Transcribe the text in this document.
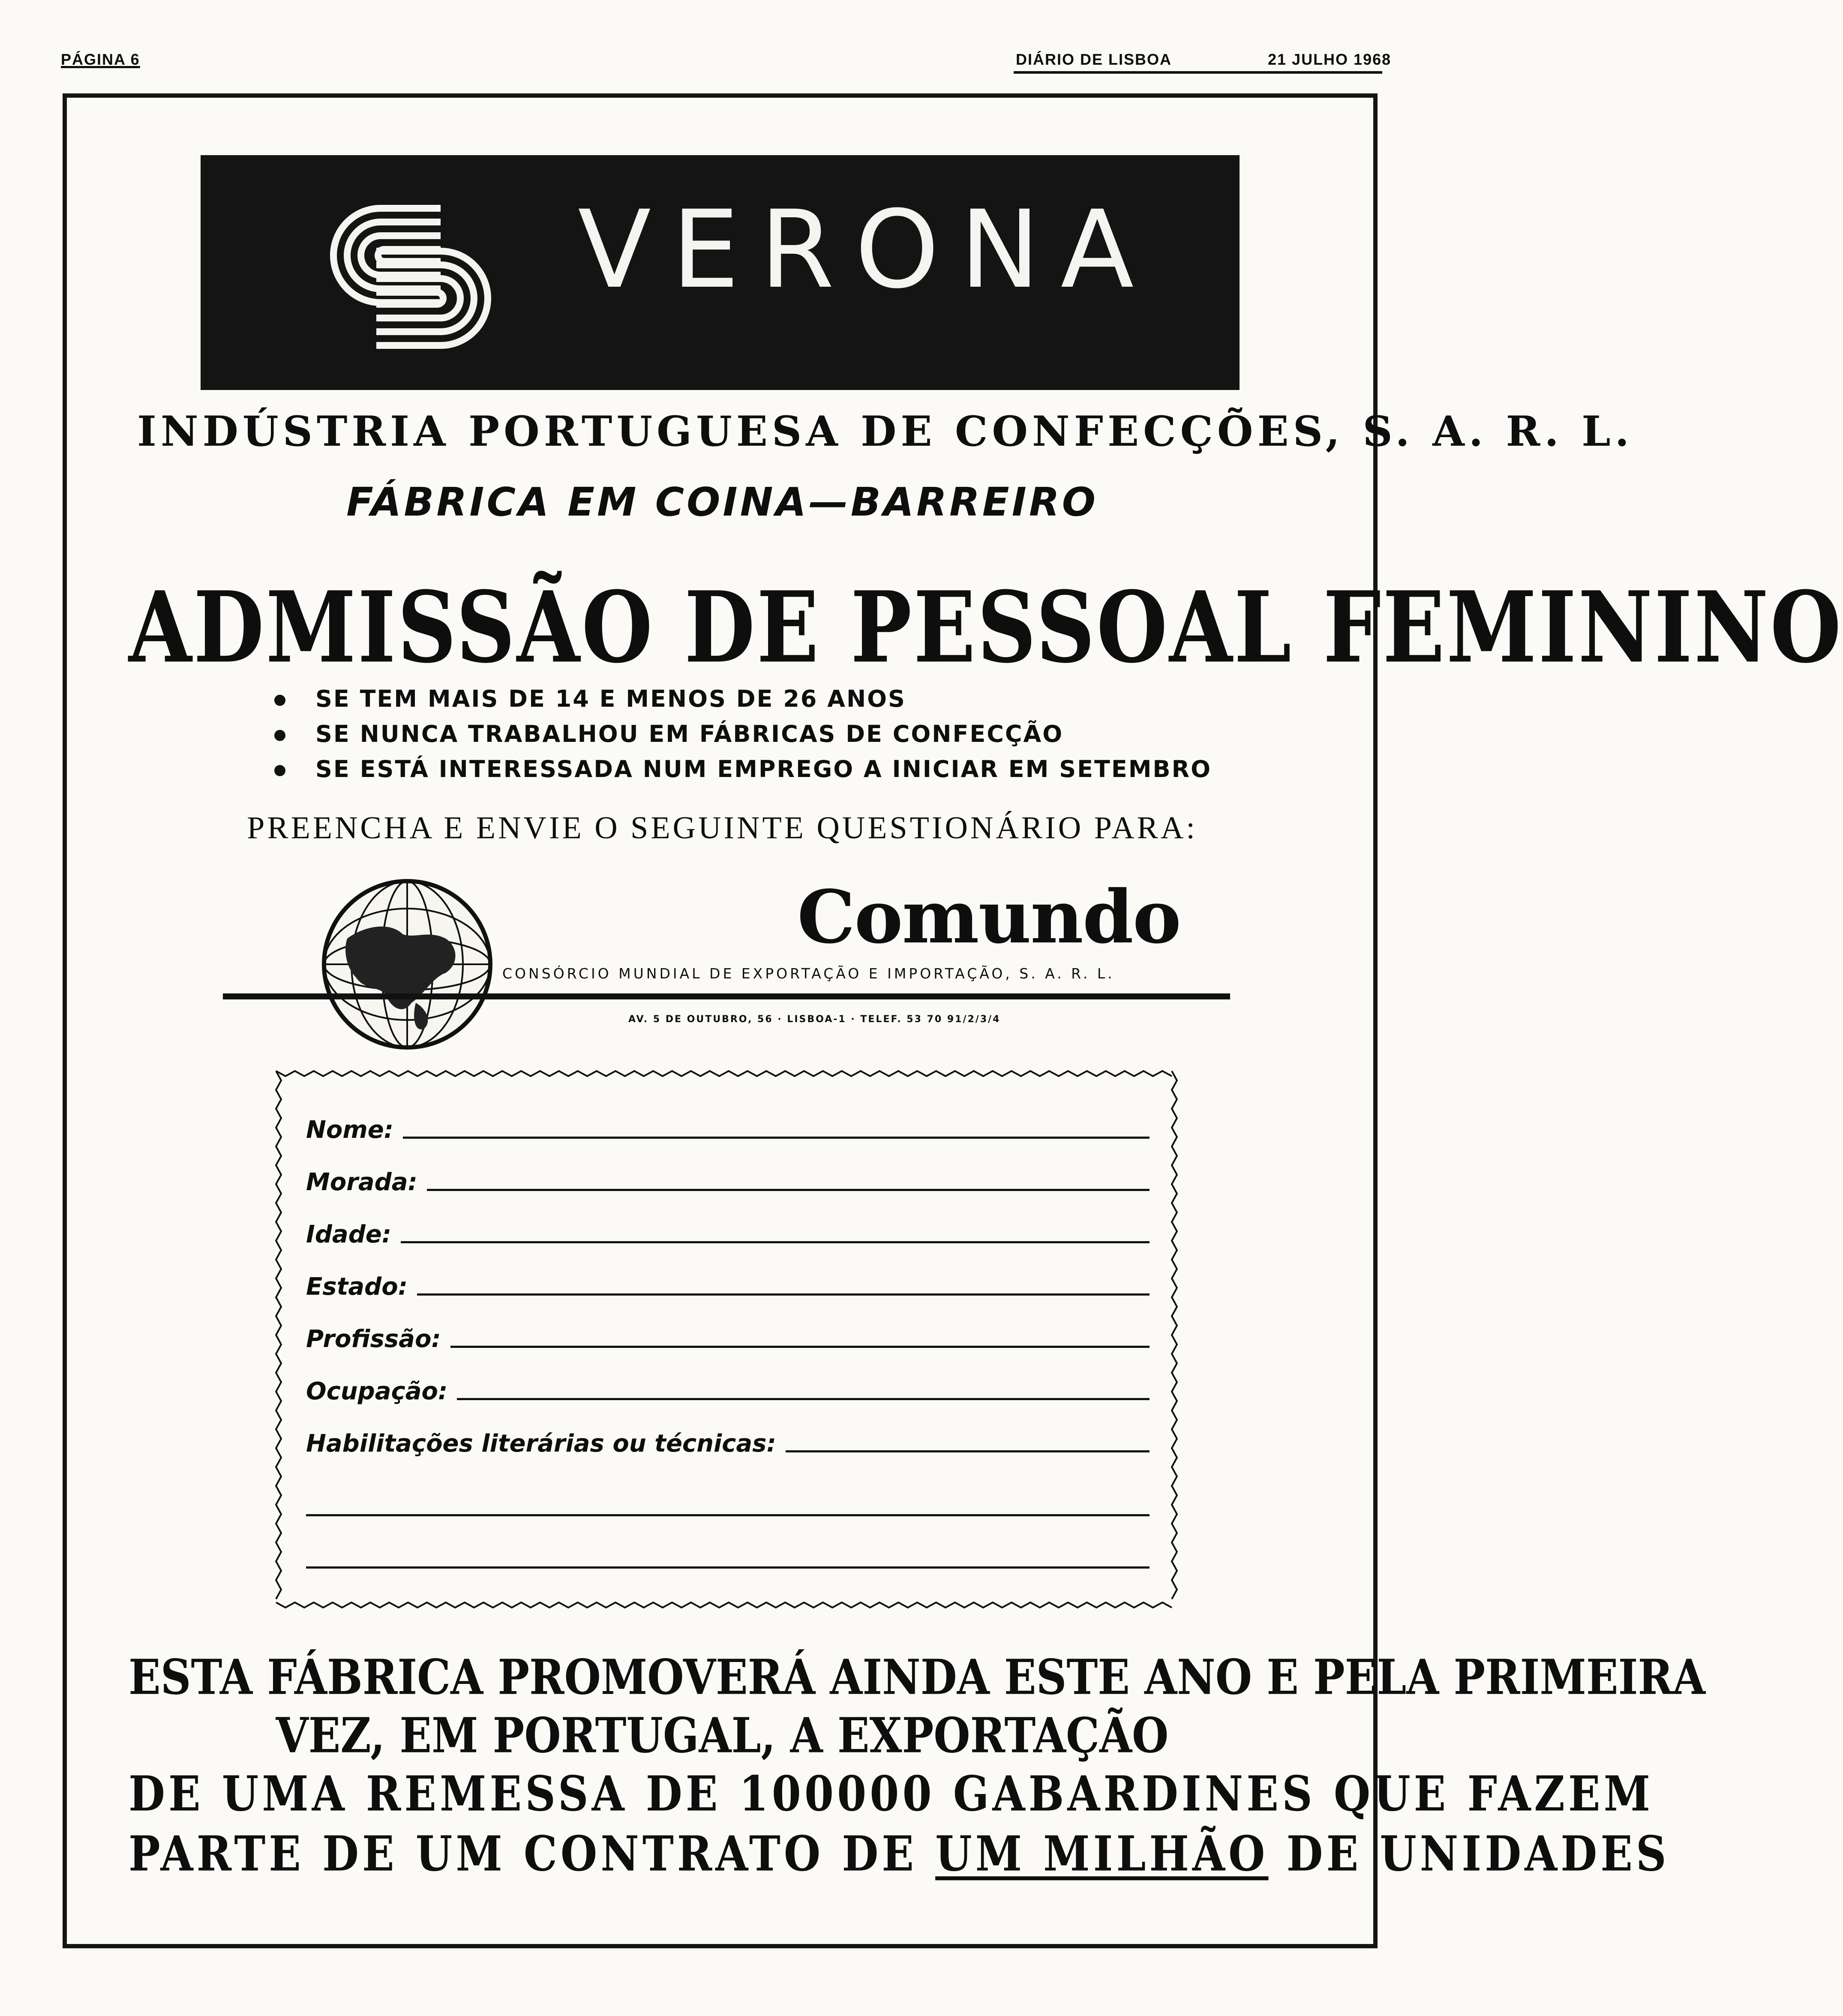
PÁGINA 6	DIÁRIO DE LISBOA	21 JULHO 1968
VERONA
INDÚSTRIA PORTUGUESA DE CONFECÇÕES, S. A. R. L.
FÁBRICA EM COINA—BARREIRO
ADMISSÃO DE PESSOAL FEMININO
SE TEM MAIS DE 14 E MENOS DE 26 ANOS
SE NUNCA TRABALHOU EM FÁBRICAS DE CONFECÇÃO
SE ESTÁ INTERESSADA NUM EMPREGO A INICIAR EM SETEMBRO
PREENCHA E ENVIE O SEGUINTE QUESTIONÁRIO PARA:
Comundo
CONSÓRCIO MUNDIAL DE EXPORTAÇÃO E IMPORTAÇÃO, S. A. R. L.
AV. 5 DE OUTUBRO, 56 · LISBOA-1 · TELEF. 53 70 91/2/3/4
Nome:
Morada:
Idade:
Estado:
Profissão:
Ocupação:
Habilitações literárias ou técnicas:
ESTA FÁBRICA PROMOVERÁ AINDA ESTE ANO E PELA PRIMEIRA
VEZ, EM PORTUGAL, A EXPORTAÇÃO
DE UMA REMESSA DE 100000 GABARDINES QUE FAZEM
PARTE DE UM CONTRATO DE UM MILHÃO DE UNIDADES
